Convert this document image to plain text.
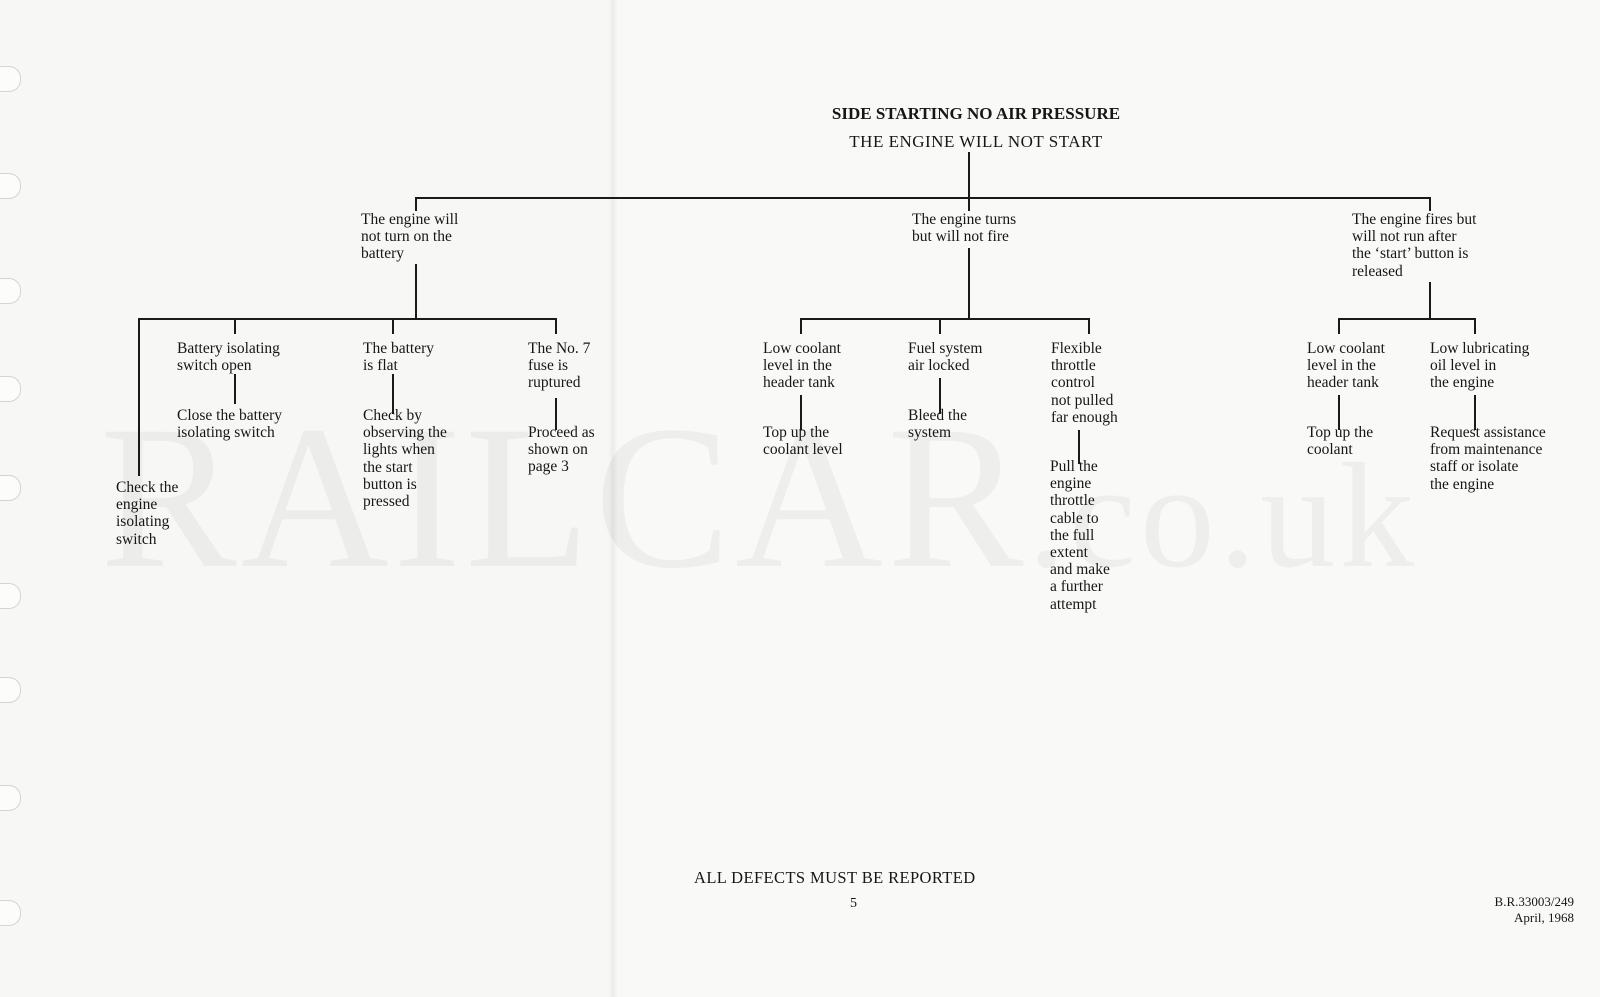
SIDE STARTING NO AIR PRESSURE
THE ENGINE WILL NOT START
The engine will
not turn on the
battery
The engine turns
but will not fire
The engine fires but
will not run after
the ‘start’ button is
released
Check the
engine
isolating
switch
Battery isolating
switch open
Close the battery
isolating switch
The battery
is flat
Check by
observing the
lights when
the start
button is
pressed
The No. 7
fuse is
ruptured
Proceed as
shown on
page 3
Low coolant
level in the
header tank
Top up the
coolant level
Fuel system
air locked
Bleed the
system
Flexible
throttle
control
not pulled
far enough
Pull the
engine
throttle
cable to
the full
extent
and make
a further
attempt
Low coolant
level in the
header tank
Top up the
coolant
Low lubricating
oil level in
the engine
Request assistance
from maintenance
staff or isolate
the engine
ALL DEFECTS MUST BE REPORTED
5	B.R.33003/249
April, 1968
